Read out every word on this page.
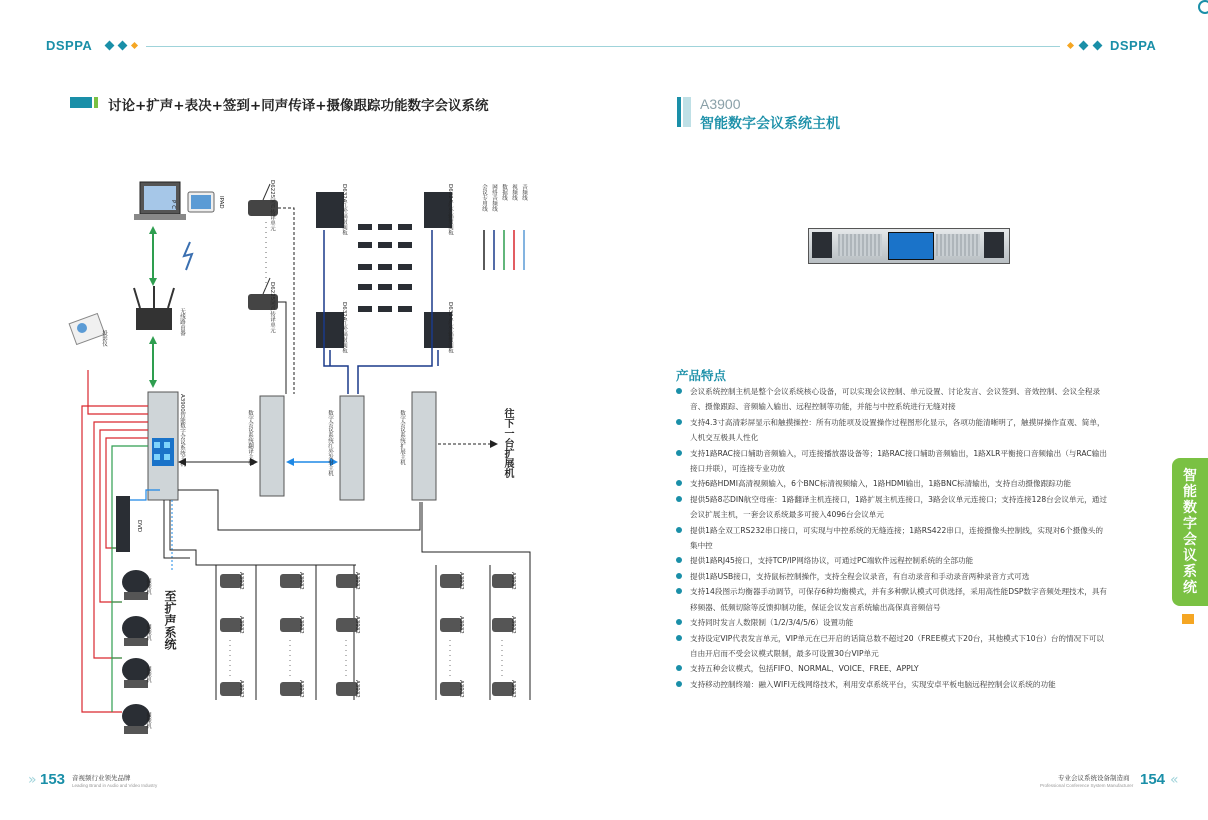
DSPPA	DSPPA
讨论+扩声+表决+签到+同声传译+摄像跟踪功能数字会议系统
P C	IPAD
无线路由器
投影仪
A3900智能数字会议系统主机	数字会议系统翻译主机	数字会议系统红外发射主机	数字会议系统扩展主机
DVD
至扩声系统
往下一台扩展机
摄像机
摄像机
摄像机
摄像机
D6225同声传译单元
D6225同声传译单元
D6324红外辐射面板	D6324红外辐射面板
D6324红外辐射面板	D6324红外辐射面板
会议专用线 网络音频线 数据线 视频线 音频线
A3932	A3932	A3932	A3932	A3932
A3932	A3932	A3932	A3932	A3932
A3932	A3932	A3932	A3932	A3932
A3900
智能数字会议系统主机
产品特点
会议系统控制主机是整个会议系统核心设备，可以实现会议控制、单元设置、讨论发言、会议签到、音效控制、会议全程录音、摄像跟踪、音频输入输出、远程控制等功能，并能与中控系统进行无缝对接
支持4.3寸高清彩屏显示和触摸操控：所有功能项及设置操作过程图形化显示，各项功能清晰明了，触摸屏操作直观、简单，人机交互极具人性化
支持1路RAC接口辅助音频输入，可连接播放器设备等；1路RAC接口辅助音频输出，1路XLR平衡接口音频输出（与RAC输出接口并联），可连接专业功放
支持6路HDMI高清视频输入，6个BNC标清视频输入，1路HDMI输出，1路BNC标清输出，支持自动摄像跟踪功能
提供5路8芯DIN航空母座：1路翻译主机连接口，1路扩展主机连接口，3路会议单元连接口；支持连接128台会议单元，通过会议扩展主机，一套会议系统最多可接入4096台会议单元
提供1路全双工RS232串口接口，可实现与中控系统的无缝连接；1路RS422串口，连接摄像头控制线，实现对6个摄像头的集中控
提供1路RJ45接口，支持TCP/IP网络协议，可通过PC端软件远程控制系统的全部功能
提供1路USB接口，支持鼠标控制操作，支持全程会议录音，有自动录音和手动录音两种录音方式可选
支持14段图示均衡器手动调节，可保存6种均衡模式，并有多种默认模式可供选择，采用高性能DSP数字音频处理技术，具有移频器、低频切除等反馈抑制功能，保证会议发言系统输出高保真音频信号
支持同时发言人数限制（1/2/3/4/5/6）设置功能
支持设定VIP代表发言单元，VIP单元在已开启的话筒总数不超过20（FREE模式下20台，其他模式下10台）台的情况下可以自由开启而不受会议模式限制，最多可设置30台VIP单元
支持五种会议模式，包括FIFO、NORMAL、VOICE、FREE、APPLY
支持移动控制终端：融入WIFI无线网络技术，利用安卓系统平台，实现安卓平板电脑远程控制会议系统的功能
智
能
数
字
会
议
系
统
» 153 音视频行业领先品牌
Leading Brand in Audio and Video Industry
专业会议系统设备制造商
Professional Conference System Manufacturer 154 «
